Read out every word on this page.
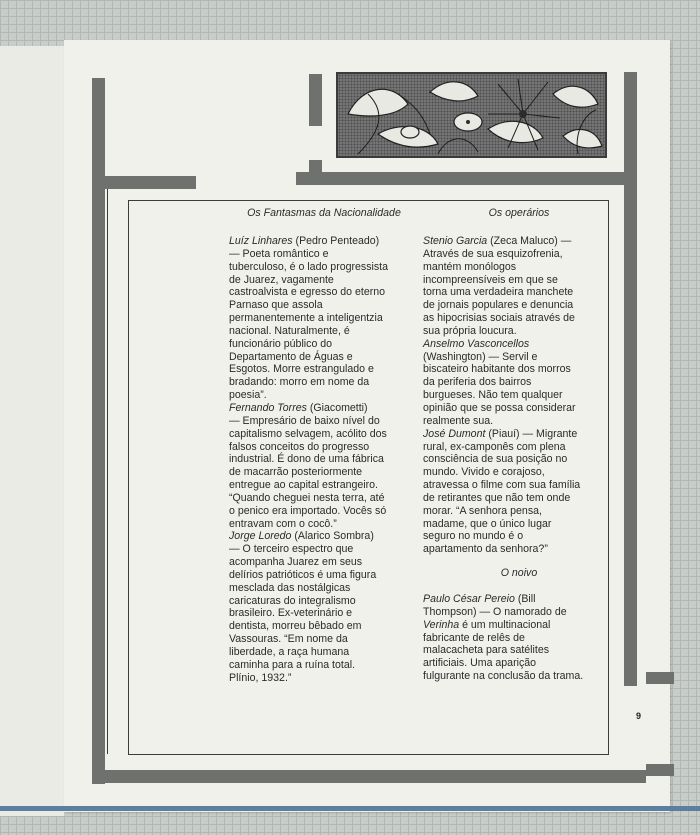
Os Fantasmas da Nacionalidade

Luíz Linhares (Pedro Penteado)
— Poeta romântico e
tuberculoso, é o lado progressista
de Juarez, vagamente
castroalvista e egresso do eterno
Parnaso que assola
permanentemente a inteligentzia
nacional. Naturalmente, é
funcionário público do
Departamento de Águas e
Esgotos. Morre estrangulado e
bradando: morro em nome da
poesia”.

Fernando Torres (Giacometti)
— Empresário de baixo nível do
capitalismo selvagem, acólito dos
falsos conceitos do progresso
industrial. É dono de uma fábrica
de macarrão posteriormente
entregue ao capital estrangeiro.
“Quando cheguei nesta terra, até
o penico era importado. Vocês só
entravam com o cocô.”

Jorge Loredo (Alarico Sombra)
— O terceiro espectro que
acompanha Juarez em seus
delírios patrióticos é uma figura
mesclada das nostálgicas
caricaturas do integralismo
brasileiro. Ex-veterinário e
dentista, morreu bêbado em
Vassouras. “Em nome da
liberdade, a raça humana
caminha para a ruína total.
Plínio, 1932.”

Os operários

Stenio Garcia (Zeca Maluco) —
Através de sua esquizofrenia,
mantém monólogos
incompreensíveis em que se
torna uma verdadeira manchete
de jornais populares e denuncia
as hipocrisias sociais através de
sua própria loucura.

Anselmo Vasconcellos
(Washington) — Servil e
biscateiro habitante dos morros
da periferia dos bairros
burgueses. Não tem qualquer
opinião que se possa considerar
realmente sua.

José Dumont (Piauí) — Migrante
rural, ex-camponês com plena
consciência de sua posição no
mundo. Vivido e corajoso,
atravessa o filme com sua família
de retirantes que não tem onde
morar. “A senhora pensa,
madame, que o único lugar
seguro no mundo é o
apartamento da senhora?”

O noivo

Paulo César Pereio (Bill
Thompson) — O namorado de
Verinha é um multinacional
fabricante de relês de
malacacheta para satélites
artificiais. Uma aparição
fulgurante na conclusão da trama.

9
